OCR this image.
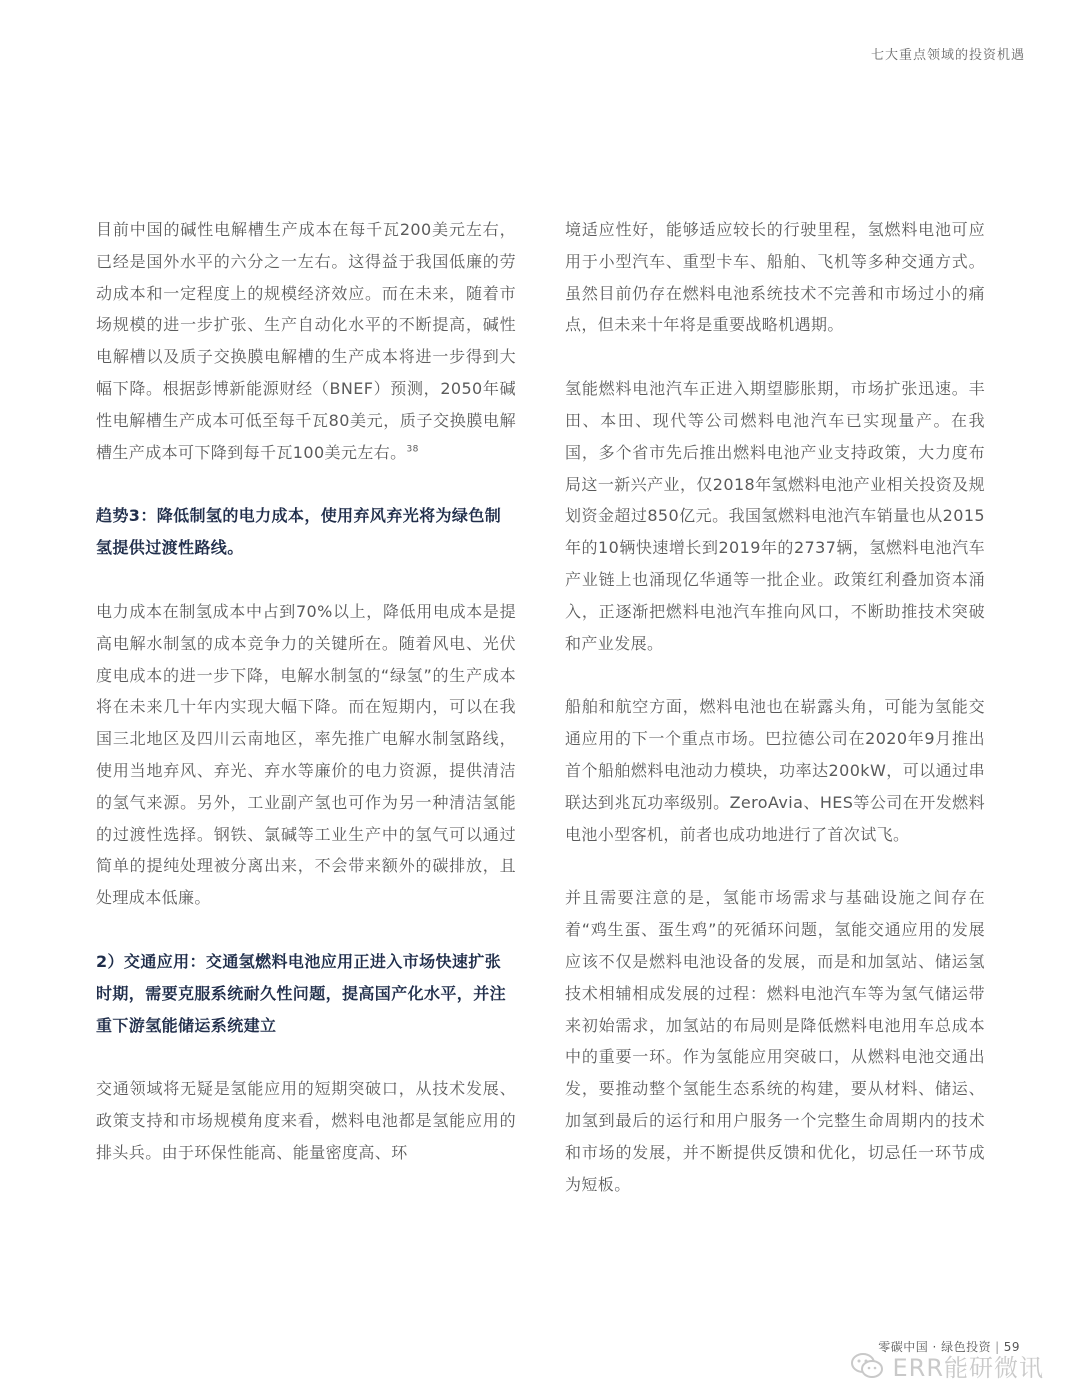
七大重点领域的投资机遇

目前中国的碱性电解槽生产成本在每千瓦200美元左右，已经是国外水平的六分之一左右。这得益于我国低廉的劳动成本和一定程度上的规模经济效应。而在未来，随着市场规模的进一步扩张、生产自动化水平的不断提高，碱性电解槽以及质子交换膜电解槽的生产成本将进一步得到大幅下降。根据彭博新能源财经（BNEF）预测，2050年碱性电解槽生产成本可低至每千瓦80美元，质子交换膜电解槽生产成本可下降到每千瓦100美元左右。$^{38}$

趋势3：降低制氢的电力成本，使用弃风弃光将为绿色制氢提供过渡性路线。

电力成本在制氢成本中占到70%以上，降低用电成本是提高电解水制氢的成本竞争力的关键所在。随着风电、光伏度电成本的进一步下降，电解水制氢的“绿氢”的生产成本将在未来几十年内实现大幅下降。而在短期内，可以在我国三北地区及四川云南地区，率先推广电解水制氢路线，使用当地弃风、弃光、弃水等廉价的电力资源，提供清洁的氢气来源。另外，工业副产氢也可作为另一种清洁氢能的过渡性选择。钢铁、氯碱等工业生产中的氢气可以通过简单的提纯处理被分离出来，不会带来额外的碳排放，且处理成本低廉。

2）交通应用：交通氢燃料电池应用正进入市场快速扩张时期，需要克服系统耐久性问题，提高国产化水平，并注重下游氢能储运系统建立

交通领域将无疑是氢能应用的短期突破口，从技术发展、政策支持和市场规模角度来看，燃料电池都是氢能应用的排头兵。由于环保性能高、能量密度高、环

境适应性好，能够适应较长的行驶里程，氢燃料电池可应用于小型汽车、重型卡车、船舶、飞机等多种交通方式。虽然目前仍存在燃料电池系统技术不完善和市场过小的痛点，但未来十年将是重要战略机遇期。

氢能燃料电池汽车正进入期望膨胀期，市场扩张迅速。丰田、本田、现代等公司燃料电池汽车已实现量产。在我国，多个省市先后推出燃料电池产业支持政策，大力度布局这一新兴产业，仅2018年氢燃料电池产业相关投资及规划资金超过850亿元。我国氢燃料电池汽车销量也从2015年的10辆快速增长到2019年的2737辆，氢燃料电池汽车产业链上也涌现亿华通等一批企业。政策红利叠加资本涌入，正逐渐把燃料电池汽车推向风口，不断助推技术突破和产业发展。

船舶和航空方面，燃料电池也在崭露头角，可能为氢能交通应用的下一个重点市场。巴拉德公司在2020年9月推出首个船舶燃料电池动力模块，功率达200kW，可以通过串联达到兆瓦功率级别。ZeroAvia、HES等公司在开发燃料电池小型客机，前者也成功地进行了首次试飞。

并且需要注意的是，氢能市场需求与基础设施之间存在着“鸡生蛋、蛋生鸡”的死循环问题，氢能交通应用的发展应该不仅是燃料电池设备的发展，而是和加氢站、储运氢技术相辅相成发展的过程：燃料电池汽车等为氢气储运带来初始需求，加氢站的布局则是降低燃料电池用车总成本中的重要一环。作为氢能应用突破口，从燃料电池交通出发，要推动整个氢能生态系统的构建，要从材料、储运、加氢到最后的运行和用户服务一个完整生命周期内的技术和市场的发展，并不断提供反馈和优化，切忌任一环节成为短板。

零碳中国 · 绿色投资 | 59
ERR能研微讯
